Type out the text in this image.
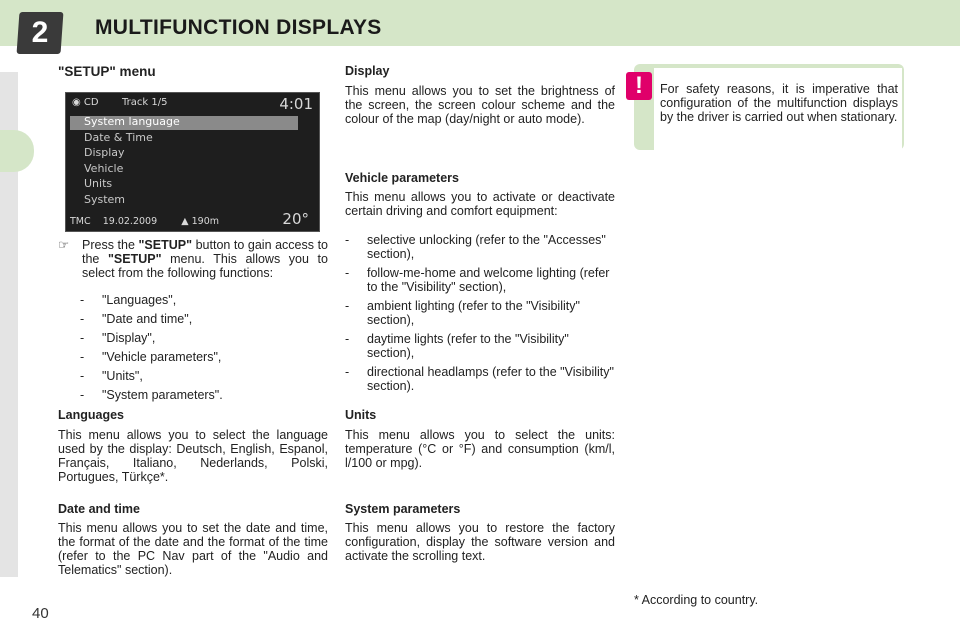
2	MULTIFUNCTION DISPLAYS
"SETUP" menu
◉ CD Track 1/5	4:01
System language
Date & Time
Display
Vehicle
Units
System
TMC 19.02.2009        ▲ 190m	20°
☞ Press the "SETUP" button to gain access to the "SETUP" menu. This allows you to select from the following functions:
- "Languages",
- "Date and time",
- "Display",
- "Vehicle parameters",
- "Units",
- "System parameters".
Languages
This menu allows you to select the language used by the display: Deutsch, English, Espanol, Français, Italiano, Nederlands, Polski, Portugues, Türkçe*.
Date and time
This menu allows you to set the date and time, the format of the date and the format of the time (refer to the PC Nav part of the "Audio and Telematics" section).
Display
This menu allows you to set the brightness of the screen, the screen colour scheme and the colour of the map (day/night or auto mode).
Vehicle parameters
This menu allows you to activate or deactivate certain driving and comfort equipment:
- selective unlocking (refer to the "Accesses" section),
- follow-me-home and welcome lighting (refer to the "Visibility" section),
- ambient lighting (refer to the "Visibility" section),
- daytime lights (refer to the "Visibility" section),
- directional headlamps (refer to the "Visibility" section).
Units
This menu allows you to select the units: temperature (°C or °F) and consumption (km/l, l/100 or mpg).
System parameters
This menu allows you to restore the factory configuration, display the software version and activate the scrolling text.
!	For safety reasons, it is imperative that configuration of the multifunction displays by the driver is carried out when stationary.
* According to country.
40
